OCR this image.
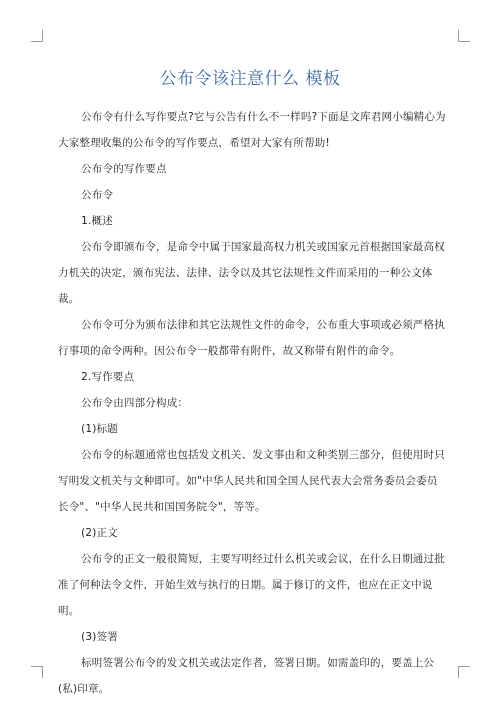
公布令该注意什么 模板

公布令有什么写作要点?它与公告有什么不一样吗?下面是文库君网小编精心为大家整理收集的公布令的写作要点，希望对大家有所帮助!

公布令的写作要点

公布令

1.概述

公布令即颁布令，是命令中属于国家最高权力机关或国家元首根据国家最高权力机关的决定，颁布宪法、法律、法令以及其它法规性文件而采用的一种公文体裁。

公布令可分为颁布法律和其它法规性文件的命令，公布重大事项或必须严格执行事项的命令两种。因公布令一般都带有附件，故又称带有附件的命令。

2.写作要点

公布令由四部分构成：

(1)标题

公布令的标题通常也包括发文机关、发文事由和文种类别三部分，但使用时只写明发文机关与文种即可。如"中华人民共和国全国人民代表大会常务委员会委员长令"、"中华人民共和国国务院令"，等等。

(2)正文

公布令的正文一般很简短，主要写明经过什么机关或会议，在什么日期通过批准了何种法令文件，开始生效与执行的日期。属于修订的文件，也应在正文中说明。

(3)签署

标明签署公布令的发文机关或法定作者，签署日期。如需盖印的，要盖上公(私)印章。
